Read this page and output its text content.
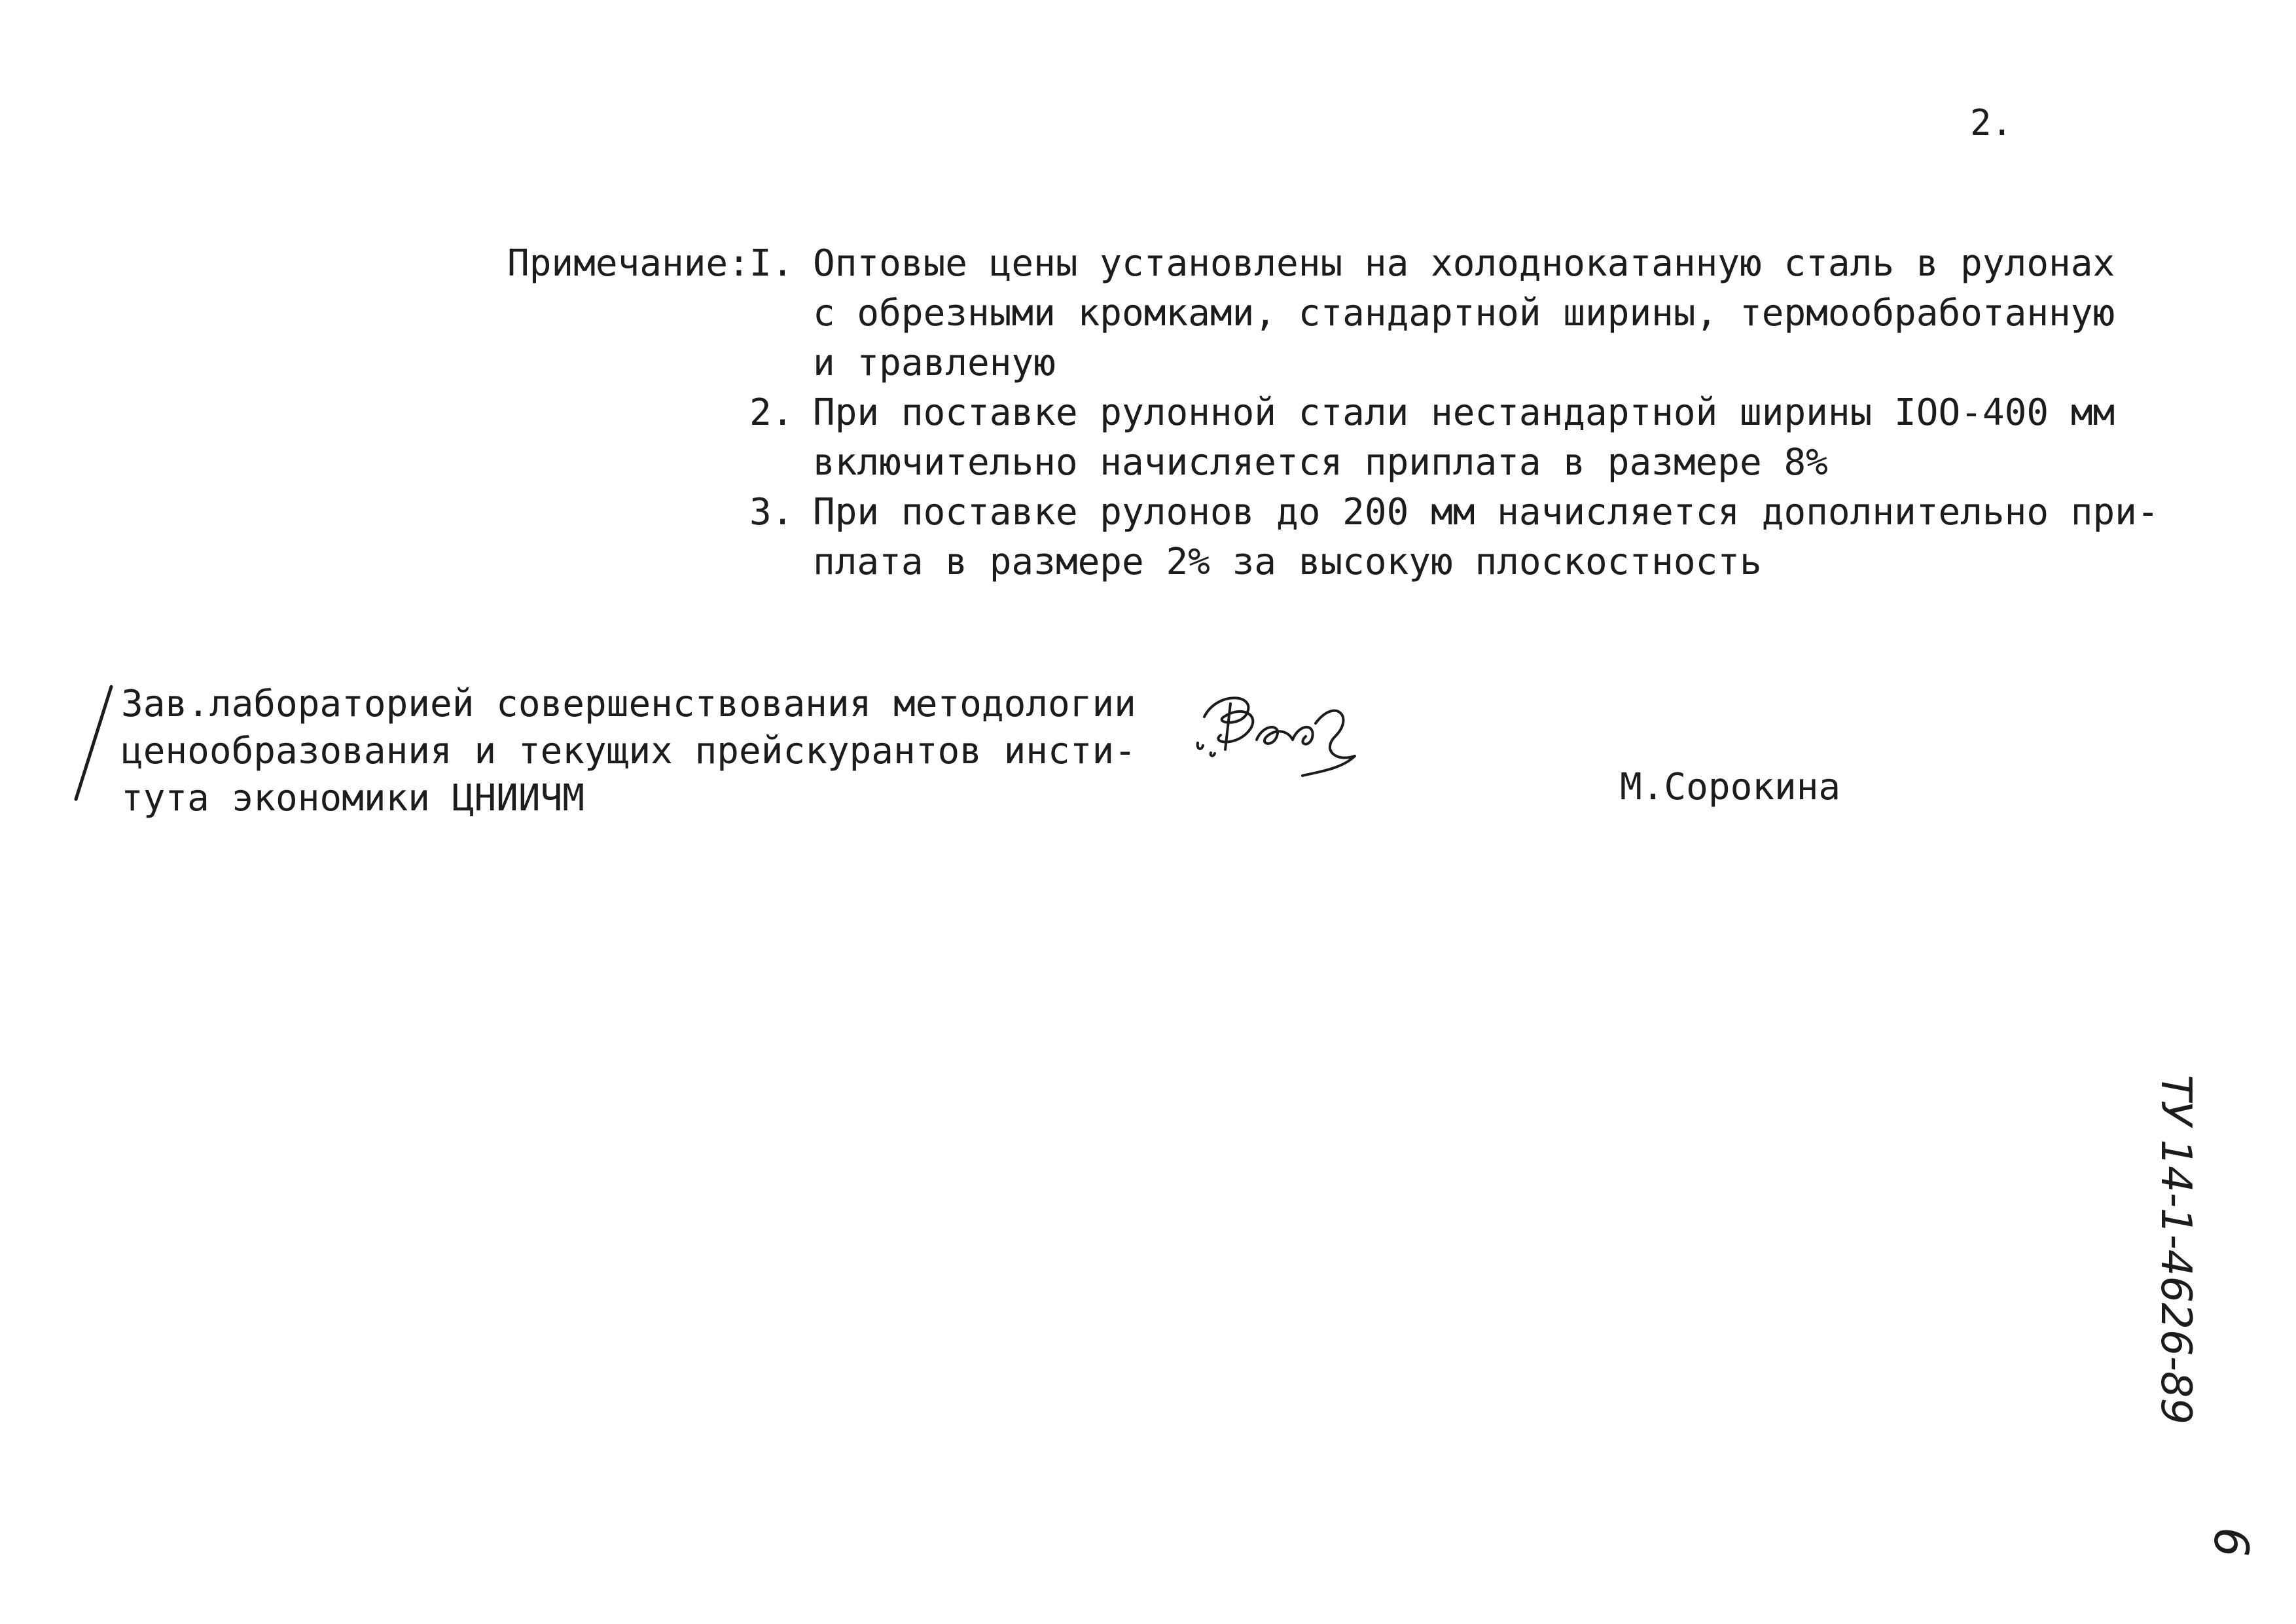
2.
Примечание: I. Оптовые цены установлены на холоднокатанную сталь в рулонах
с обрезными кромками, стандартной ширины, термообработанную
и травленую
2. При поставке рулонной стали нестандартной ширины IOO-400 мм
включительно начисляется приплата в размере 8%
3. При поставке рулонов до 200 мм начисляется дополнительно при-
плата в размере 2% за высокую плоскостность
Зав.лабораторией совершенствования методологии
ценообразования и текущих прейскурантов инсти-
тута экономики ЦНИИЧМ	М.Сорокина
ТУ 14-1-4626-89
6
